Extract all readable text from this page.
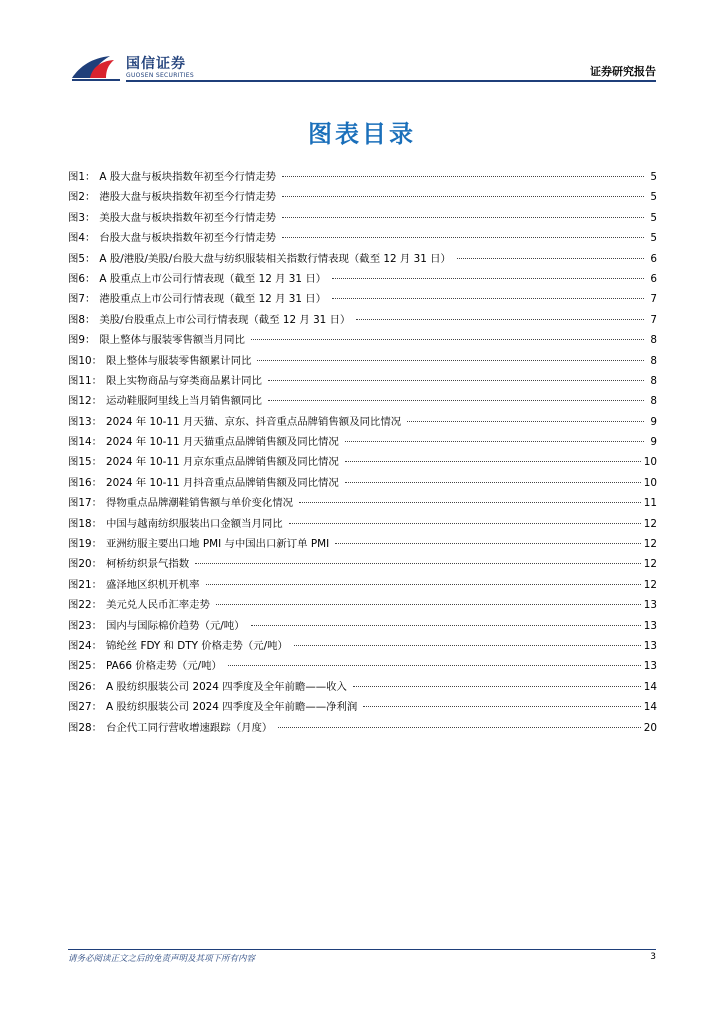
国信证券
GUOSEN SECURITIES	证券研究报告
图表目录
图1： A 股大盘与板块指数年初至今行情走势	5
图2： 港股大盘与板块指数年初至今行情走势	5
图3： 美股大盘与板块指数年初至今行情走势	5
图4： 台股大盘与板块指数年初至今行情走势	5
图5： A 股/港股/美股/台股大盘与纺织服装相关指数行情表现（截至 12 月 31 日）	6
图6： A 股重点上市公司行情表现（截至 12 月 31 日）	6
图7： 港股重点上市公司行情表现（截至 12 月 31 日）	7
图8： 美股/台股重点上市公司行情表现（截至 12 月 31 日）	7
图9： 限上整体与服装零售额当月同比	8
图10： 限上整体与服装零售额累计同比	8
图11： 限上实物商品与穿类商品累计同比	8
图12： 运动鞋服阿里线上当月销售额同比	8
图13： 2024 年 10-11 月天猫、京东、抖音重点品牌销售额及同比情况	9
图14： 2024 年 10-11 月天猫重点品牌销售额及同比情况	9
图15： 2024 年 10-11 月京东重点品牌销售额及同比情况	10
图16： 2024 年 10-11 月抖音重点品牌销售额及同比情况	10
图17： 得物重点品牌潮鞋销售额与单价变化情况	11
图18： 中国与越南纺织服装出口金额当月同比	12
图19： 亚洲纺服主要出口地 PMI 与中国出口新订单 PMI	12
图20： 柯桥纺织景气指数	12
图21： 盛泽地区织机开机率	12
图22： 美元兑人民币汇率走势	13
图23： 国内与国际棉价趋势（元/吨）	13
图24： 锦纶丝 FDY 和 DTY 价格走势（元/吨）	13
图25： PA66 价格走势（元/吨）	13
图26： A 股纺织服装公司 2024 四季度及全年前瞻——收入	14
图27： A 股纺织服装公司 2024 四季度及全年前瞻——净利润	14
图28： 台企代工同行营收增速跟踪（月度）	20
请务必阅读正文之后的免责声明及其项下所有内容	3
